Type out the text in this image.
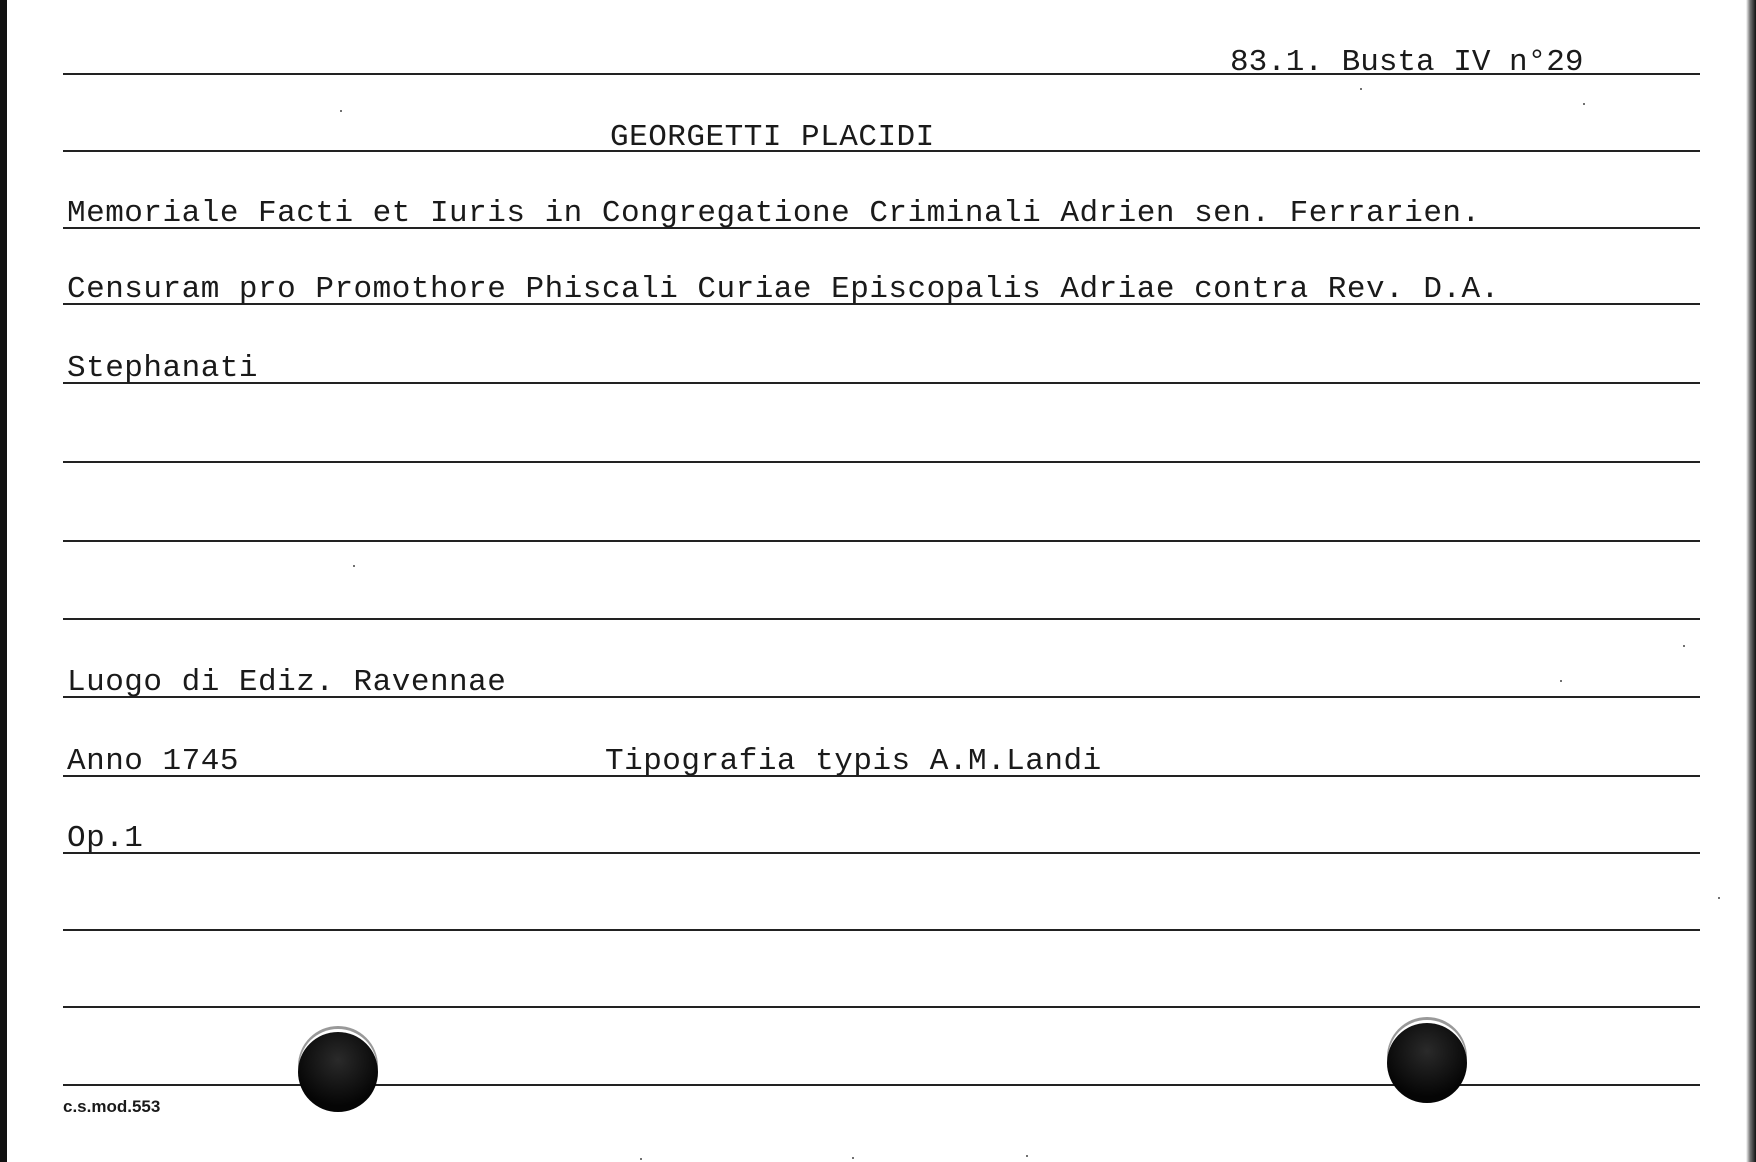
83.1. Busta IV n°29
GEORGETTI PLACIDI
Memoriale Facti et Iuris in Congregatione Criminali Adrien sen. Ferrarien.
Censuram pro Promothore Phiscali Curiae Episcopalis Adriae contra Rev. D.A.
Stephanati
Luogo di Ediz. Ravennae
Anno 1745	Tipografia typis A.M.Landi
Op.1
c.s.mod.553
